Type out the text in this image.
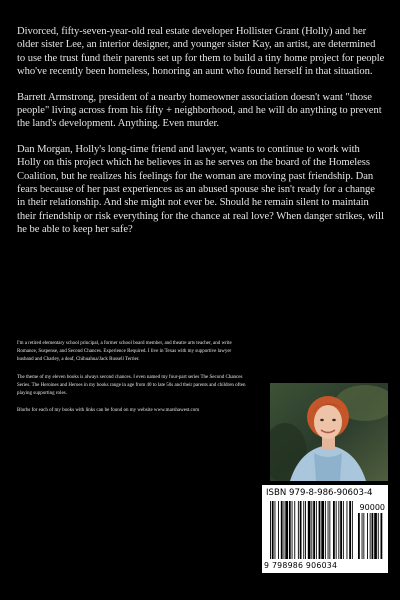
Divorced, fifty-seven-year-old real estate developer Hollister Grant (Holly) and her older sister Lee, an interior designer, and younger sister Kay, an artist, are determined to use the trust fund their parents set up for them to build a tiny home project for people who've recently been homeless, honoring an aunt who found herself in that situation.

Barrett Armstrong, president of a nearby homeowner association doesn't want "those people" living across from his fifty + neighborhood, and he will do anything to prevent the land's development. Anything. Even murder.

Dan Morgan, Holly's long-time friend and lawyer, wants to continue to work with Holly on this project which he believes in as he serves on the board of the Homeless Coalition, but he realizes his feelings for the woman are moving past friendship. Dan fears because of her past experiences as an abused spouse she isn't ready for a change in their relationship. And she might not ever be. Should he remain silent to maintain their friendship or risk everything for the chance at real love? When danger strikes, will he be able to keep her safe?

I'm a retired elementary school principal, a former school board member, and theatre arts teacher, and write Romance, Suspense, and Second Chances. Experience Required. I live in Texas with my supportive lawyer husband and Charley, a deaf, Chihuahua/Jack Russell Terrier.

The theme of my eleven books is always second chances. I even named my four-part series The Second Chances Series. The Heroines and Heroes in my books range in age from 40 to late 50s and their parents and children often playing supporting roles.

Blurbs for each of my books with links can be found on my website www.marshawest.com

ISBN 979-8-986-90603-4
90000
9 798986 906034
